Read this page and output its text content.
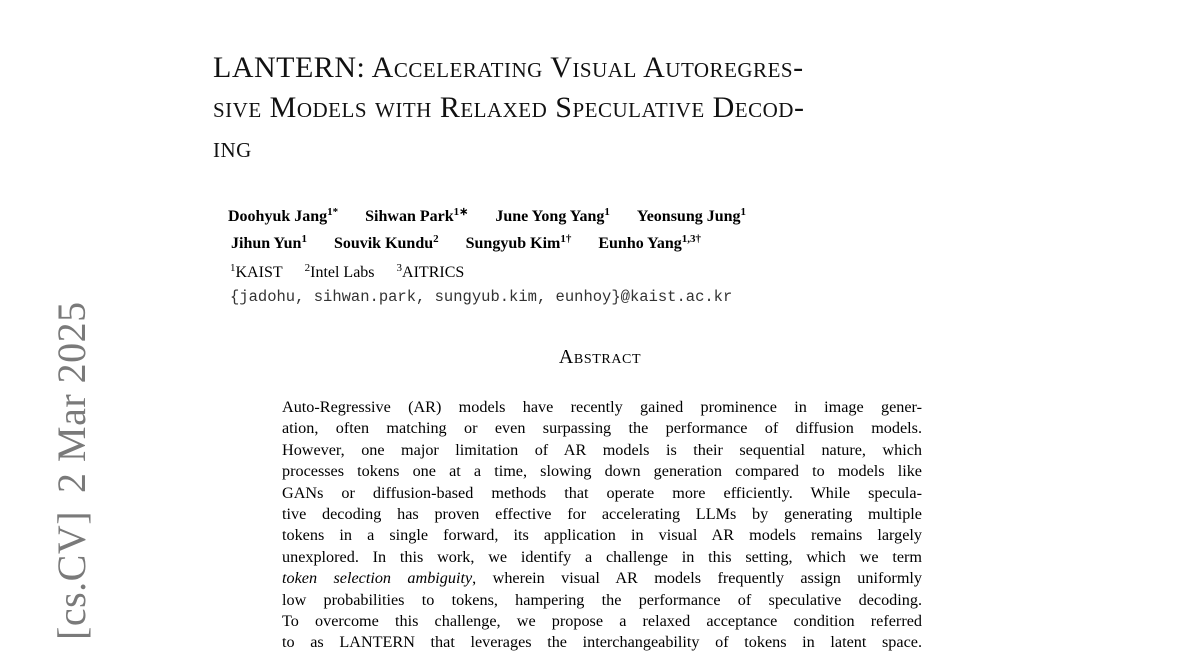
LANTERN: Accelerating Visual Autoregres-
sive Models with Relaxed Speculative Decod-
ing
Doohyuk Jang$^{1*}$ Sihwan Park$^{1∗}$ June Yong Yang$^1$ Yeonsung Jung$^1$
Jihun Yun$^1$ Souvik Kundu$^2$ Sungyub Kim$^{1\dagger}$ Eunho Yang$^{1,3\dagger}$
$^1$KAIST $^2$Intel Labs $^3$AITRICS
{jadohu, sihwan.park, sungyub.kim, eunhoy}@kaist.ac.kr
Abstract
Auto-Regressive (AR) models have recently gained prominence in image gener-
ation, often matching or even surpassing the performance of diffusion models.
However, one major limitation of AR models is their sequential nature, which
processes tokens one at a time, slowing down generation compared to models like
GANs or diffusion-based methods that operate more efficiently. While specula-
tive decoding has proven effective for accelerating LLMs by generating multiple
tokens in a single forward, its application in visual AR models remains largely
unexplored. In this work, we identify a challenge in this setting, which we term
token selection ambiguity, wherein visual AR models frequently assign uniformly
low probabilities to tokens, hampering the performance of speculative decoding.
To overcome this challenge, we propose a relaxed acceptance condition referred
to as LANTERN that leverages the interchangeability of tokens in latent space.
[cs.CV]2 Mar 2025
